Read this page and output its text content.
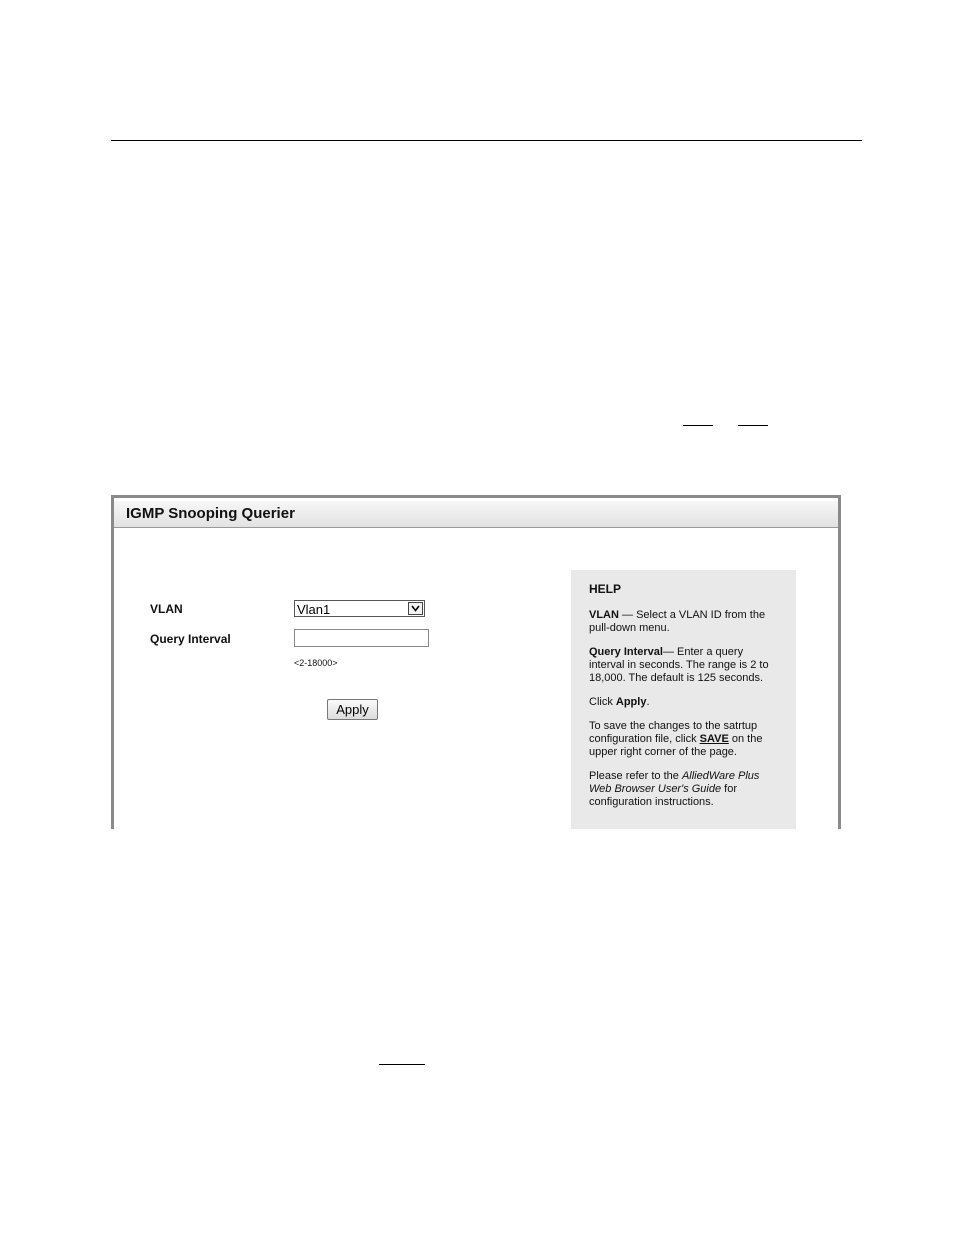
IGMP Snooping Querier
VLAN	Vlan1
Query Interval
<2-18000>
Apply
HELP

VLAN — Select a VLAN ID from the pull-down menu.

Query Interval— Enter a query interval in seconds. The range is 2 to 18,000. The default is 125 seconds.

Click Apply.

To save the changes to the satrtup configuration file, click SAVE on the upper right corner of the page.

Please refer to the AlliedWare Plus Web Browser User's Guide for configuration instructions.
